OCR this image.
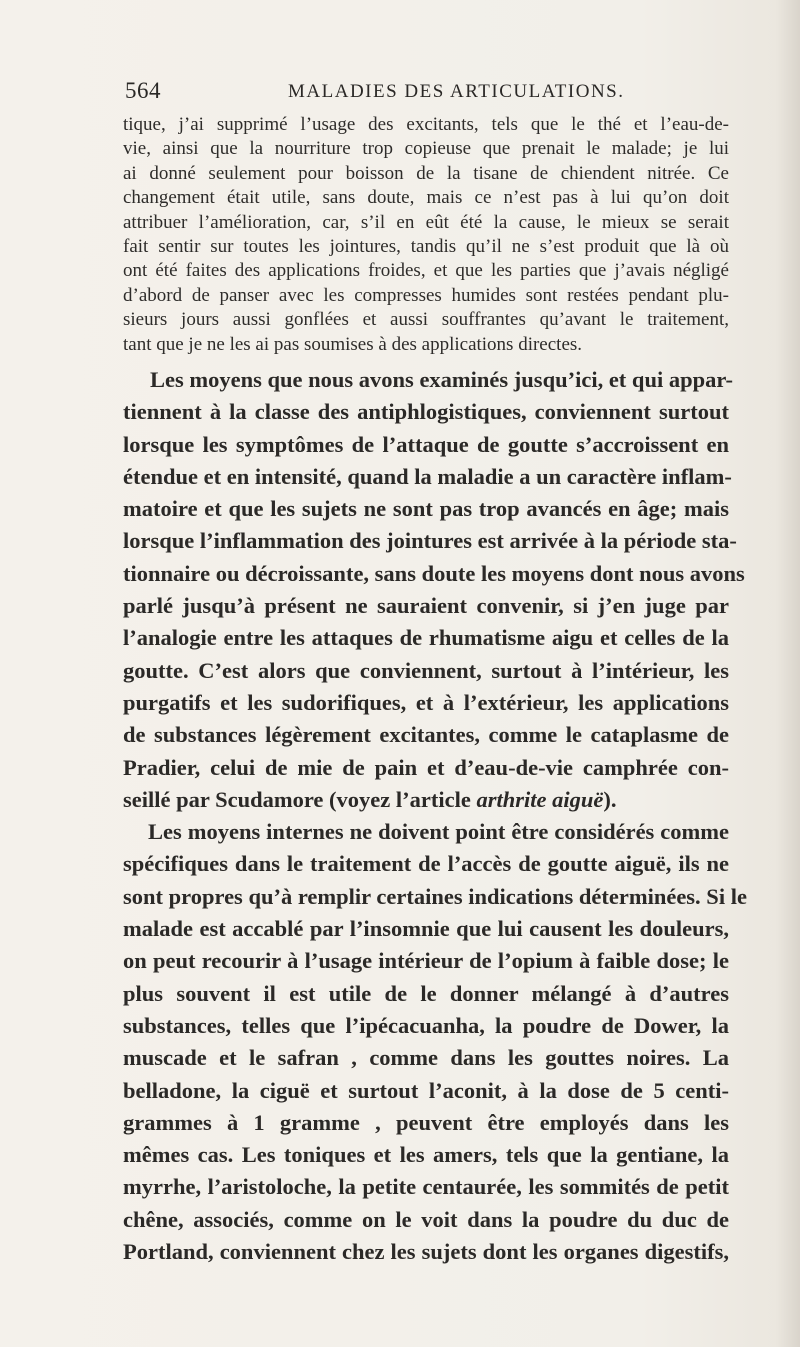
564	MALADIES DES ARTICULATIONS.
tique, j’ai supprimé l’usage des excitants, tels que le thé et l’eau-de-
vie, ainsi que la nourriture trop copieuse que prenait le malade; je lui
ai donné seulement pour boisson de la tisane de chiendent nitrée. Ce
changement était utile, sans doute, mais ce n’est pas à lui qu’on doit
attribuer l’amélioration, car, s’il en eût été la cause, le mieux se serait
fait sentir sur toutes les jointures, tandis qu’il ne s’est produit que là où
ont été faites des applications froides, et que les parties que j’avais négligé
d’abord de panser avec les compresses humides sont restées pendant plu-
sieurs jours aussi gonflées et aussi souffrantes qu’avant le traitement,
tant que je ne les ai pas soumises à des applications directes.
Les moyens que nous avons examinés jusqu’ici, et qui appar-
tiennent à la classe des antiphlogistiques, conviennent surtout
lorsque les symptômes de l’attaque de goutte s’accroissent en
étendue et en intensité, quand la maladie a un caractère inflam-
matoire et que les sujets ne sont pas trop avancés en âge; mais
lorsque l’inflammation des jointures est arrivée à la période sta-
tionnaire ou décroissante, sans doute les moyens dont nous avons
parlé jusqu’à présent ne sauraient convenir, si j’en juge par
l’analogie entre les attaques de rhumatisme aigu et celles de la
goutte. C’est alors que conviennent, surtout à l’intérieur, les
purgatifs et les sudorifiques, et à l’extérieur, les applications
de substances légèrement excitantes, comme le cataplasme de
Pradier, celui de mie de pain et d’eau-de-vie camphrée con-
seillé par Scudamore (voyez l’article arthrite aiguë).
Les moyens internes ne doivent point être considérés comme
spécifiques dans le traitement de l’accès de goutte aiguë, ils ne
sont propres qu’à remplir certaines indications déterminées. Si le
malade est accablé par l’insomnie que lui causent les douleurs,
on peut recourir à l’usage intérieur de l’opium à faible dose; le
plus souvent il est utile de le donner mélangé à d’autres
substances, telles que l’ipécacuanha, la poudre de Dower, la
muscade et le safran , comme dans les gouttes noires. La
belladone, la ciguë et surtout l’aconit, à la dose de 5 centi-
grammes à 1 gramme , peuvent être employés dans les
mêmes cas. Les toniques et les amers, tels que la gentiane, la
myrrhe, l’aristoloche, la petite centaurée, les sommités de petit
chêne, associés, comme on le voit dans la poudre du duc de
Portland, conviennent chez les sujets dont les organes digestifs,
